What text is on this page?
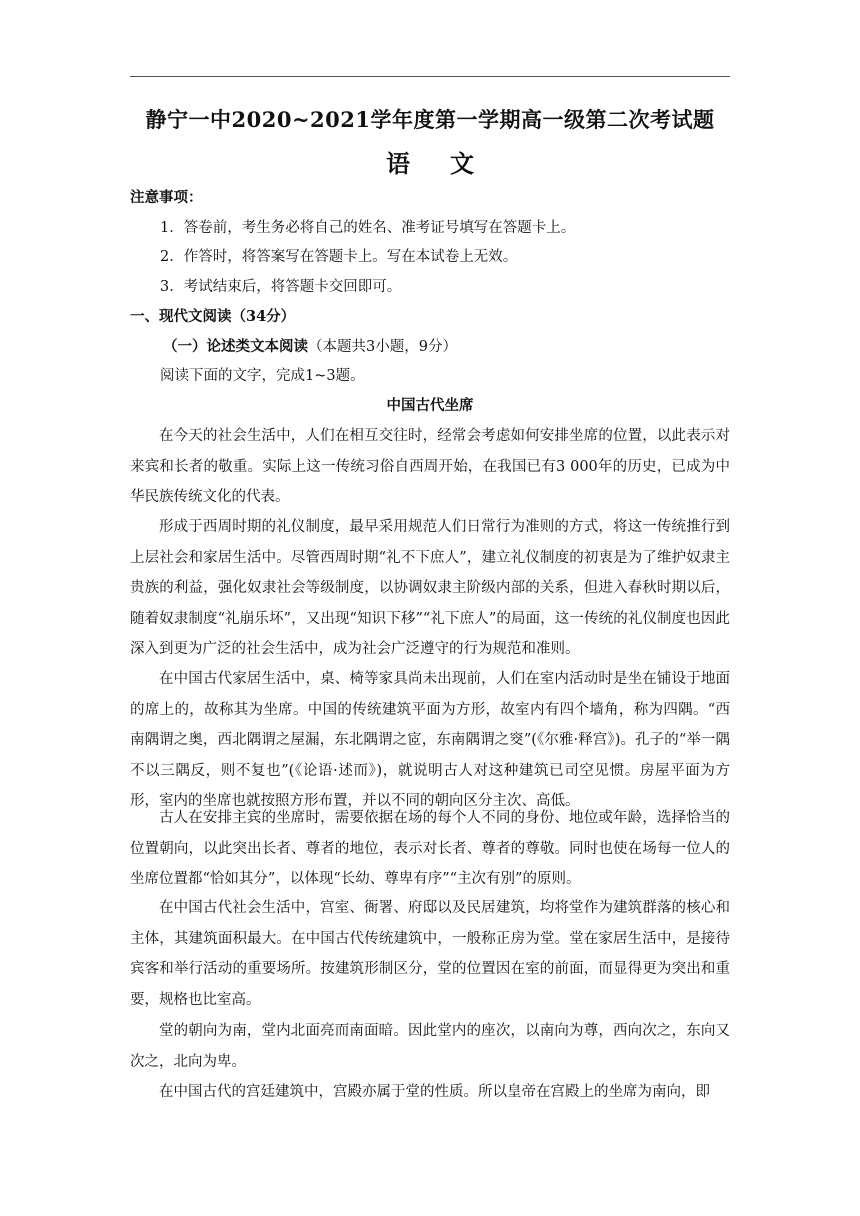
静宁一中2020~2021学年度第一学期高一级第二次考试题
语 文
注意事项：
1．答卷前，考生务必将自己的姓名、准考证号填写在答题卡上。
2．作答时，将答案写在答题卡上。写在本试卷上无效。
3．考试结束后，将答题卡交回即可。
一、现代文阅读（34分）
（一）论述类文本阅读（本题共3小题，9分）
阅读下面的文字，完成1~3题。
中国古代坐席
在今天的社会生活中，人们在相互交往时，经常会考虑如何安排坐席的位置，以此表示对来宾和长者的敬重。实际上这一传统习俗自西周开始，在我国已有3 000年的历史，已成为中华民族传统文化的代表。
形成于西周时期的礼仪制度，最早采用规范人们日常行为准则的方式，将这一传统推行到上层社会和家居生活中。尽管西周时期“礼不下庶人”，建立礼仪制度的初衷是为了维护奴隶主贵族的利益，强化奴隶社会等级制度，以协调奴隶主阶级内部的关系，但进入春秋时期以后，随着奴隶制度“礼崩乐坏”，又出现“知识下移”“礼下庶人”的局面，这一传统的礼仪制度也因此深入到更为广泛的社会生活中，成为社会广泛遵守的行为规范和准则。
在中国古代家居生活中，桌、椅等家具尚未出现前，人们在室内活动时是坐在铺设于地面的席上的，故称其为坐席。中国的传统建筑平面为方形，故室内有四个墙角，称为四隅。“西南隅谓之奥，西北隅谓之屋漏，东北隅谓之宧，东南隅谓之窔”(《尔雅·释宫》)。孔子的“举一隅不以三隅反，则不复也”(《论语·述而》)，就说明古人对这种建筑已司空见惯。房屋平面为方形，室内的坐席也就按照方形布置，并以不同的朝向区分主次、高低。
古人在安排主宾的坐席时，需要依据在场的每个人不同的身份、地位或年龄，选择恰当的位置朝向，以此突出长者、尊者的地位，表示对长者、尊者的尊敬。同时也使在场每一位人的坐席位置都“恰如其分”，以体现“长幼、尊卑有序”“主次有别”的原则。
在中国古代社会生活中，宫室、衙署、府邸以及民居建筑，均将堂作为建筑群落的核心和主体，其建筑面积最大。在中国古代传统建筑中，一般称正房为堂。堂在家居生活中，是接待宾客和举行活动的重要场所。按建筑形制区分，堂的位置因在室的前面，而显得更为突出和重要，规格也比室高。
堂的朝向为南，堂内北面亮而南面暗。因此堂内的座次，以南向为尊，西向次之，东向又次之，北向为卑。
在中国古代的宫廷建筑中，宫殿亦属于堂的性质。所以皇帝在宫殿上的坐席为南向，即
